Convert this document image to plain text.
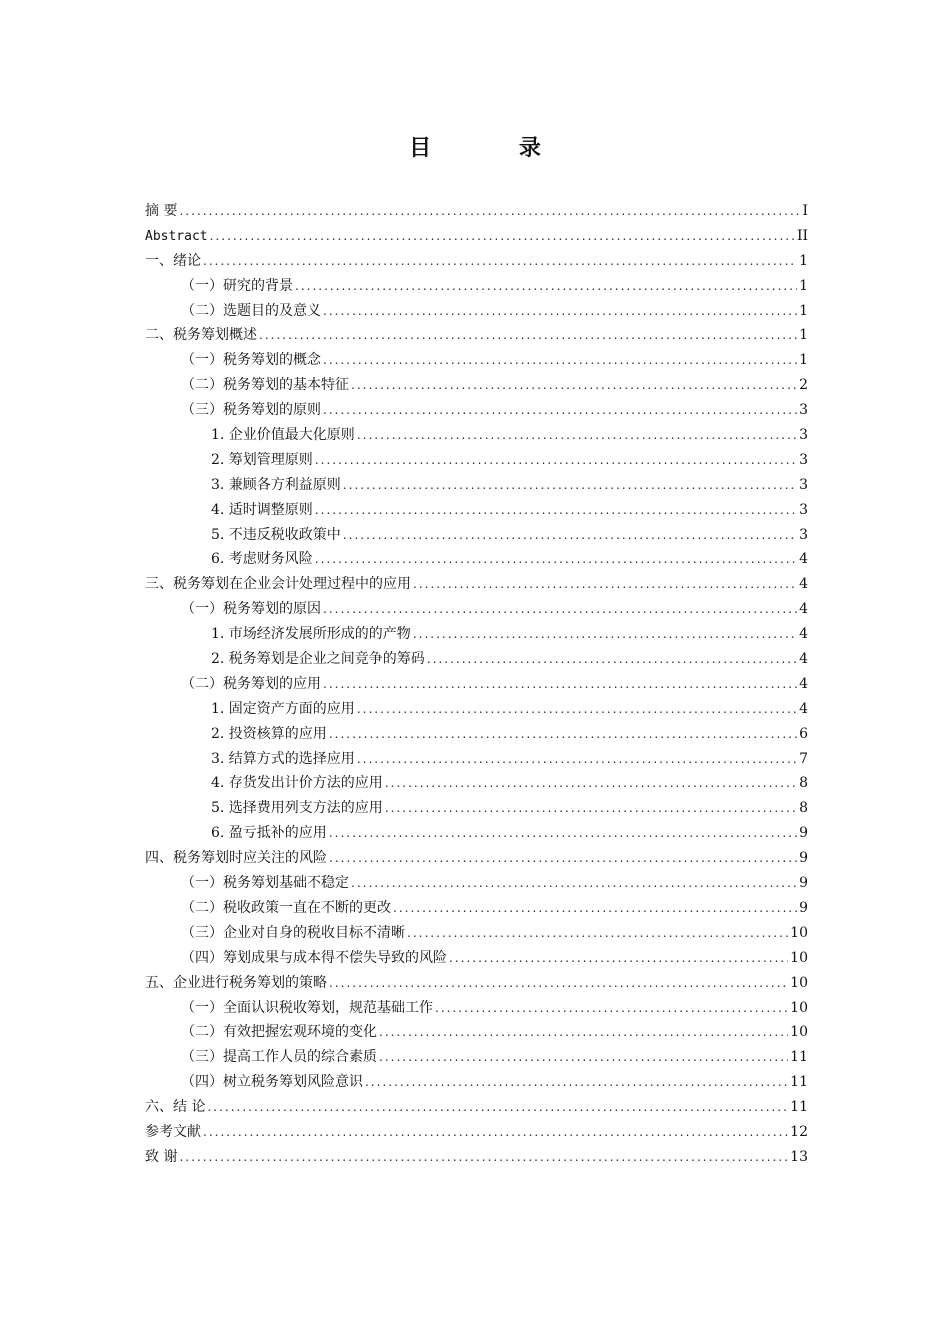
目 录
摘 要 .....	I
Abstract .....	II
一、绪论 .....	1
（一）研究的背景 .....	1
（二）选题目的及意义 .....	1
二、税务筹划概述 .....	1
（一）税务筹划的概念 .....	1
（二）税务筹划的基本特征 .....	2
（三）税务筹划的原则 .....	3
1. 企业价值最大化原则 .....	3
2. 筹划管理原则 .....	3
3. 兼顾各方利益原则 .....	3
4. 适时调整原则 .....	3
5. 不违反税收政策中 .....	3
6. 考虑财务风险 .....	4
三、税务筹划在企业会计处理过程中的应用 .....	4
（一）税务筹划的原因 .....	4
1. 市场经济发展所形成的的产物 .....	4
2. 税务筹划是企业之间竞争的筹码 .....	4
（二）税务筹划的应用 .....	4
1. 固定资产方面的应用 .....	4
2. 投资核算的应用 .....	6
3. 结算方式的选择应用 .....	7
4. 存货发出计价方法的应用 .....	8
5. 选择费用列支方法的应用 .....	8
6. 盈亏抵补的应用 .....	9
四、税务筹划时应关注的风险 .....	9
（一）税务筹划基础不稳定 .....	9
（二）税收政策一直在不断的更改 .....	9
（三）企业对自身的税收目标不清晰 .....	10
（四）筹划成果与成本得不偿失导致的风险 .....	10
五、企业进行税务筹划的策略 .....	10
（一）全面认识税收筹划，规范基础工作 .....	10
（二）有效把握宏观环境的变化 .....	10
（三）提高工作人员的综合素质 .....	11
（四）树立税务筹划风险意识 .....	11
六、结 论 .....	11
参考文献 .....	12
致 谢 .....	13
